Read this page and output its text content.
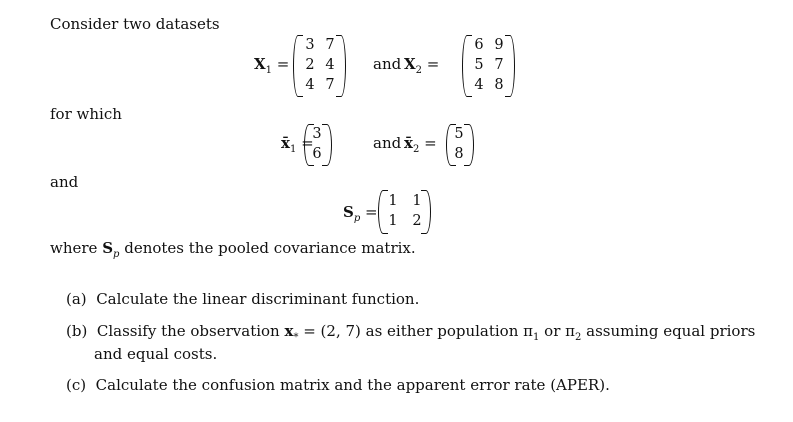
Consider two datasets
$X_1$ =
3 7
2 4
4 7
and $X_2$ =
6 9
5 7
4 8
for which
$x̄_1$ =
3
6
and $x̄_2 = 5$
8
and
$S_p$ =
1 1
1 2
where $S_p$ denotes the pooled covariance matrix.
(a) Calculate the linear discriminant function.
(b) Classify the observation $x_* = (2$, 7) as either population $\pi_1$ or $\pi_2$ assuming equal priors
and equal costs.
(c) Calculate the confusion matrix and the apparent error rate (APER).
